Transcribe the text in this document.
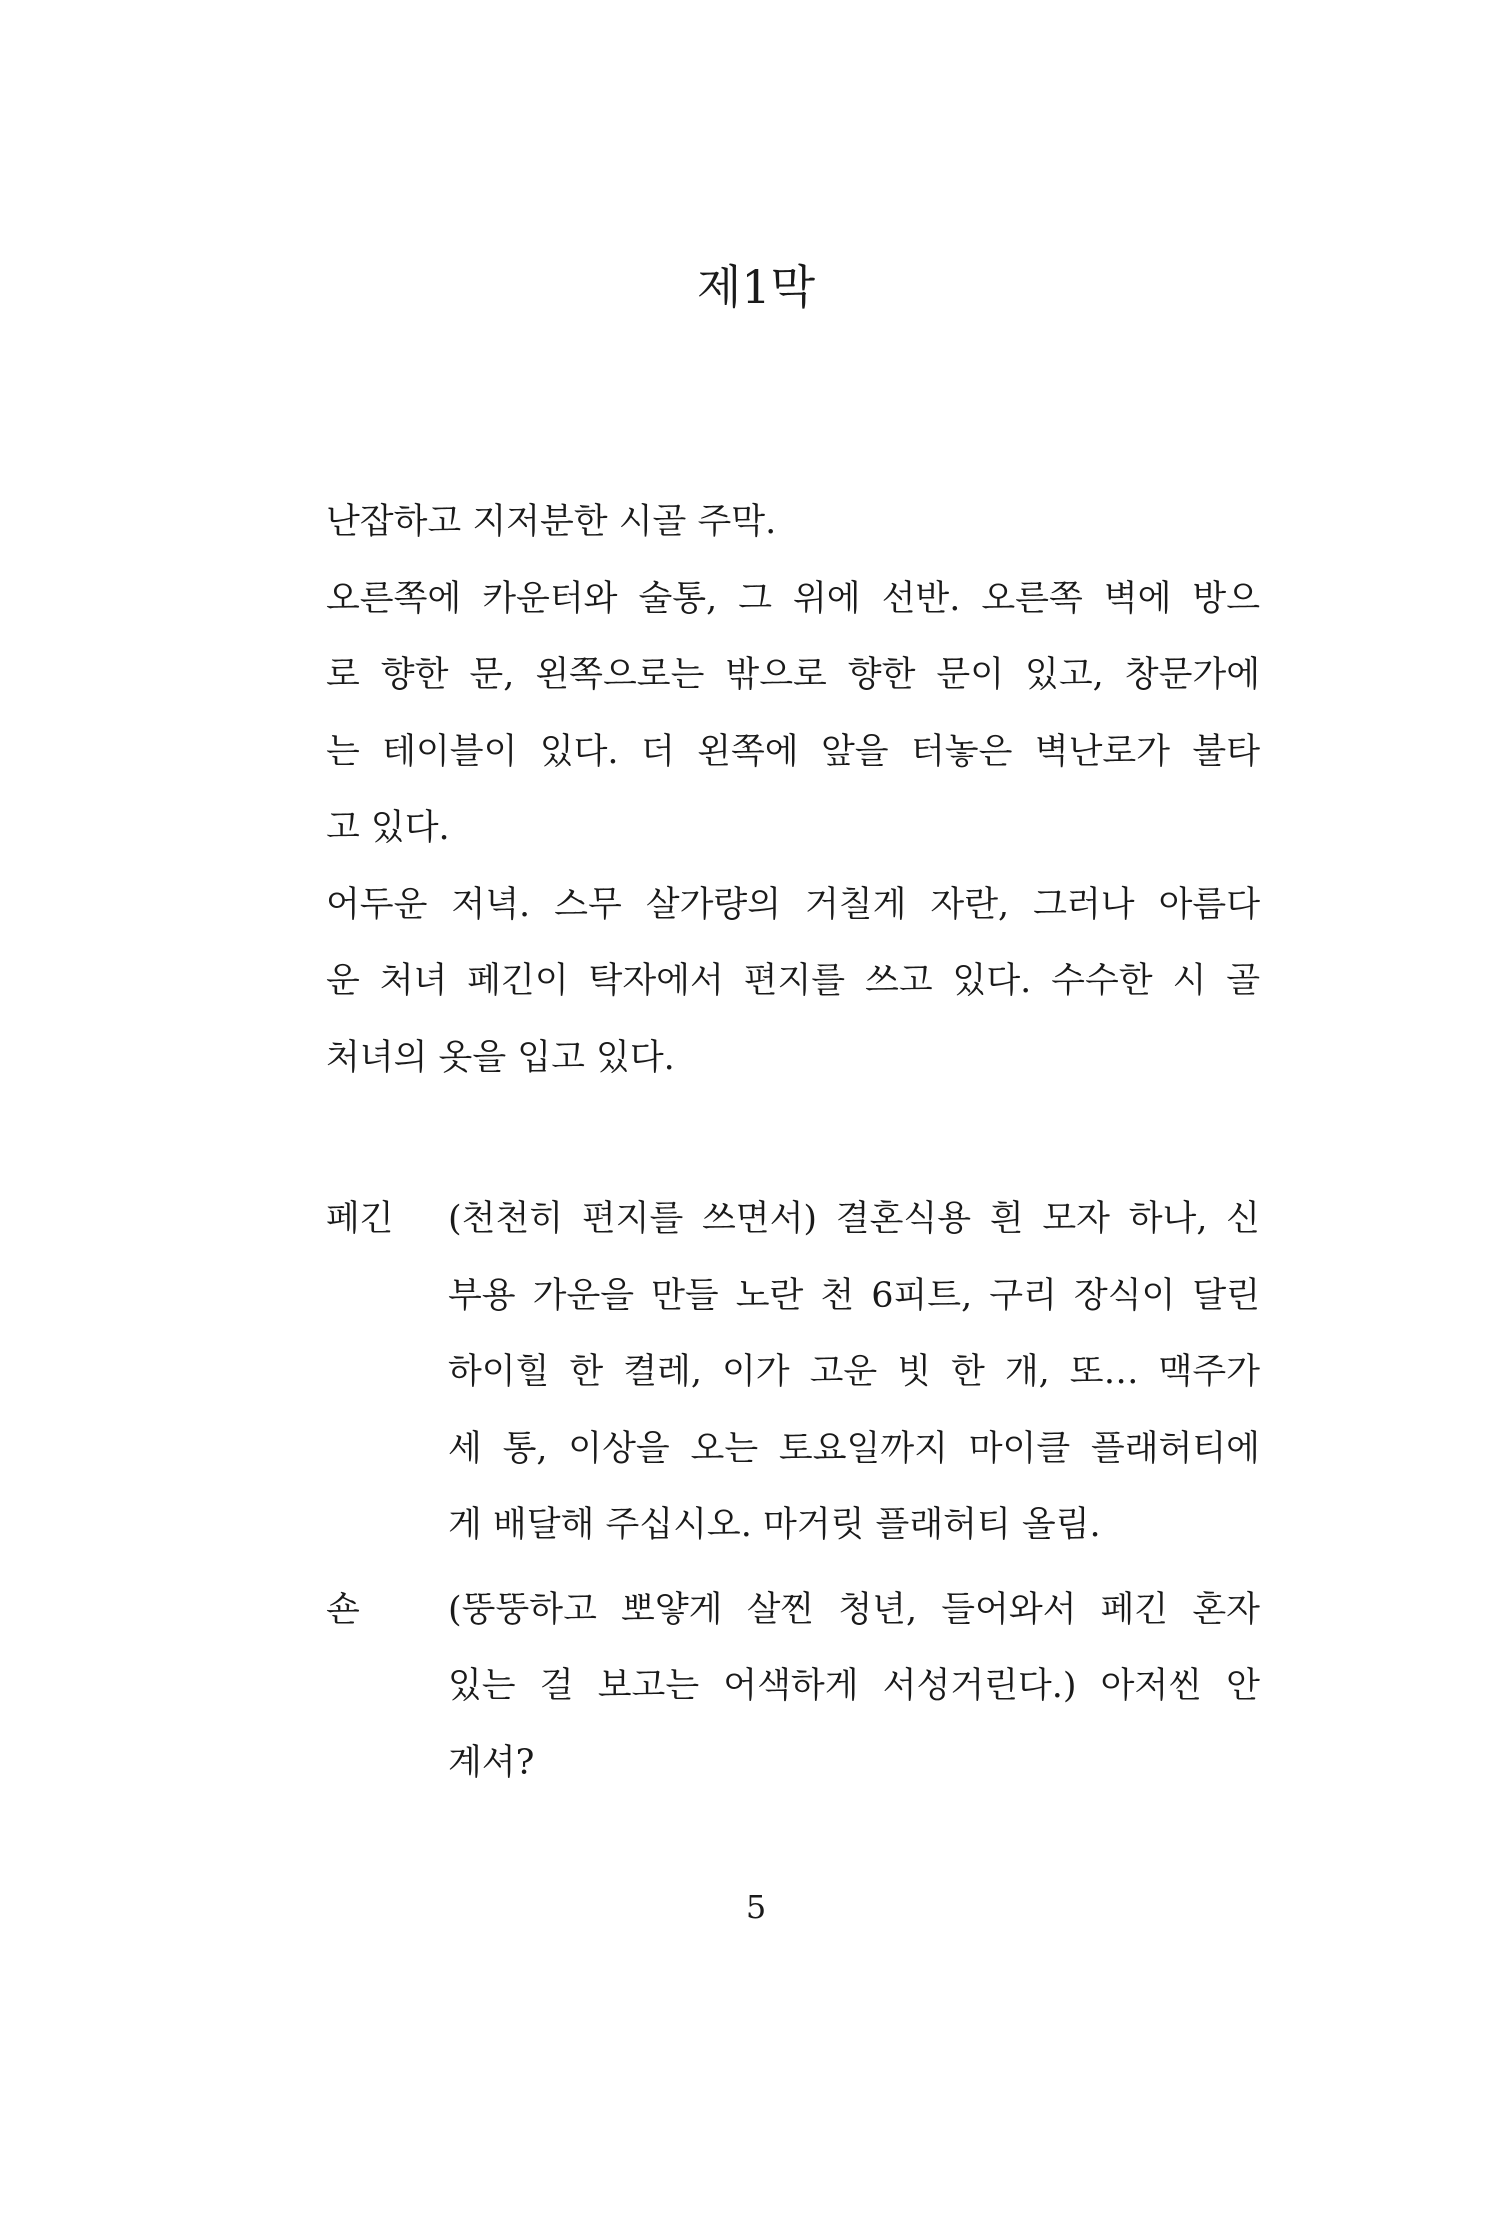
제1막
난잡하고 지저분한 시골 주막.
오른쪽에 카운터와 술통, 그 위에 선반. 오른쪽 벽에 방으
로 향한 문, 왼쪽으로는 밖으로 향한 문이 있고, 창문가에
는 테이블이 있다. 더 왼쪽에 앞을 터놓은 벽난로가 불타
고 있다.
어두운 저녁. 스무 살가량의 거칠게 자란, 그러나 아름다
운 처녀 페긴이 탁자에서 편지를 쓰고 있다. 수수한 시 골
처녀의 옷을 입고 있다.
페긴	(천천히 편지를 쓰면서) 결혼식용 흰 모자 하나, 신
부용 가운을 만들 노란 천 6피트, 구리 장식이 달린
하이힐 한 켤레, 이가 고운 빗 한 개, 또… 맥주가
세 통, 이상을 오는 토요일까지 마이클 플래허티에
게 배달해 주십시오. 마거릿 플래허티 올림.
숀	(뚱뚱하고 뽀얗게 살찐 청년, 들어와서 페긴 혼자
있는 걸 보고는 어색하게 서성거린다.) 아저씬 안
계셔?
5
